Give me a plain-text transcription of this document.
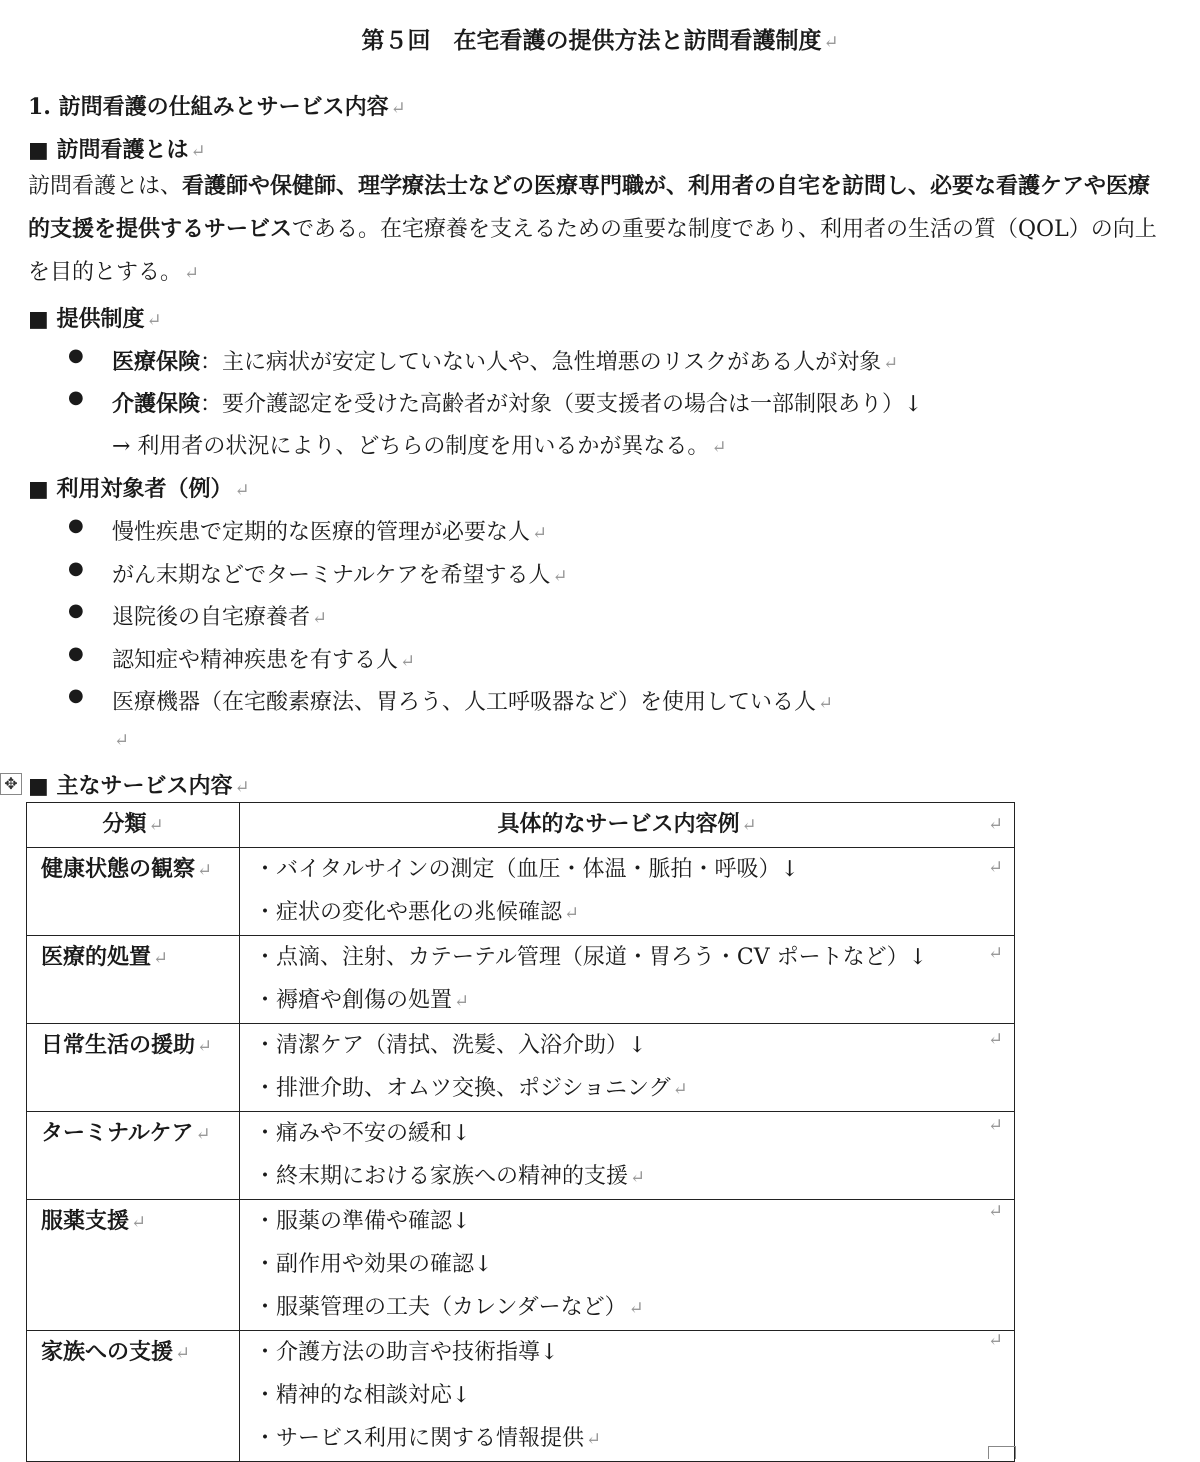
第５回　在宅看護の提供方法と訪問看護制度 ↵
1. 訪問看護の仕組みとサービス内容 ↵
■ 訪問看護とは ↵
訪問看護とは、看護師や保健師、理学療法士などの医療専門職が、利用者の自宅を訪問し、必要な看護ケアや医療的支援を提供するサービスである。在宅療養を支えるための重要な制度であり、利用者の生活の質（QOL）の向上を目的とする。 ↵
■ 提供制度 ↵
● 医療保険：主に病状が安定していない人や、急性増悪のリスクがある人が対象 ↵
● 介護保険：要介護認定を受けた高齢者が対象（要支援者の場合は一部制限あり）↓
→ 利用者の状況により、どちらの制度を用いるかが異なる。 ↵
■ 利用対象者（例） ↵
● 慢性疾患で定期的な医療的管理が必要な人 ↵
● がん末期などでターミナルケアを希望する人 ↵
● 退院後の自宅療養者 ↵
● 認知症や精神疾患を有する人 ↵
● 医療機器（在宅酸素療法、胃ろう、人工呼吸器など）を使用している人 ↵
↵
✥ ■ 主なサービス内容 ↵
分類 ↵	具体的なサービス内容例 ↵
健康状態の観察 ↵	・バイタルサインの測定（血圧・体温・脈拍・呼吸）↓
・症状の変化や悪化の兆候確認 ↵

医療的処置 ↵	・点滴、注射、カテーテル管理（尿道・胃ろう・CV ポートなど）↓
・褥瘡や創傷の処置 ↵

日常生活の援助 ↵	・清潔ケア（清拭、洗髪、入浴介助）↓
・排泄介助、オムツ交換、ポジショニング ↵

ターミナルケア ↵	・痛みや不安の緩和↓
・終末期における家族への精神的支援 ↵

服薬支援 ↵	・服薬の準備や確認↓
・副作用や効果の確認↓
・服薬管理の工夫（カレンダーなど） ↵

家族への支援 ↵	・介護方法の助言や技術指導↓
・精神的な相談対応↓
・サービス利用に関する情報提供 ↵
↵
↵
↵
↵
↵
↵
↵
